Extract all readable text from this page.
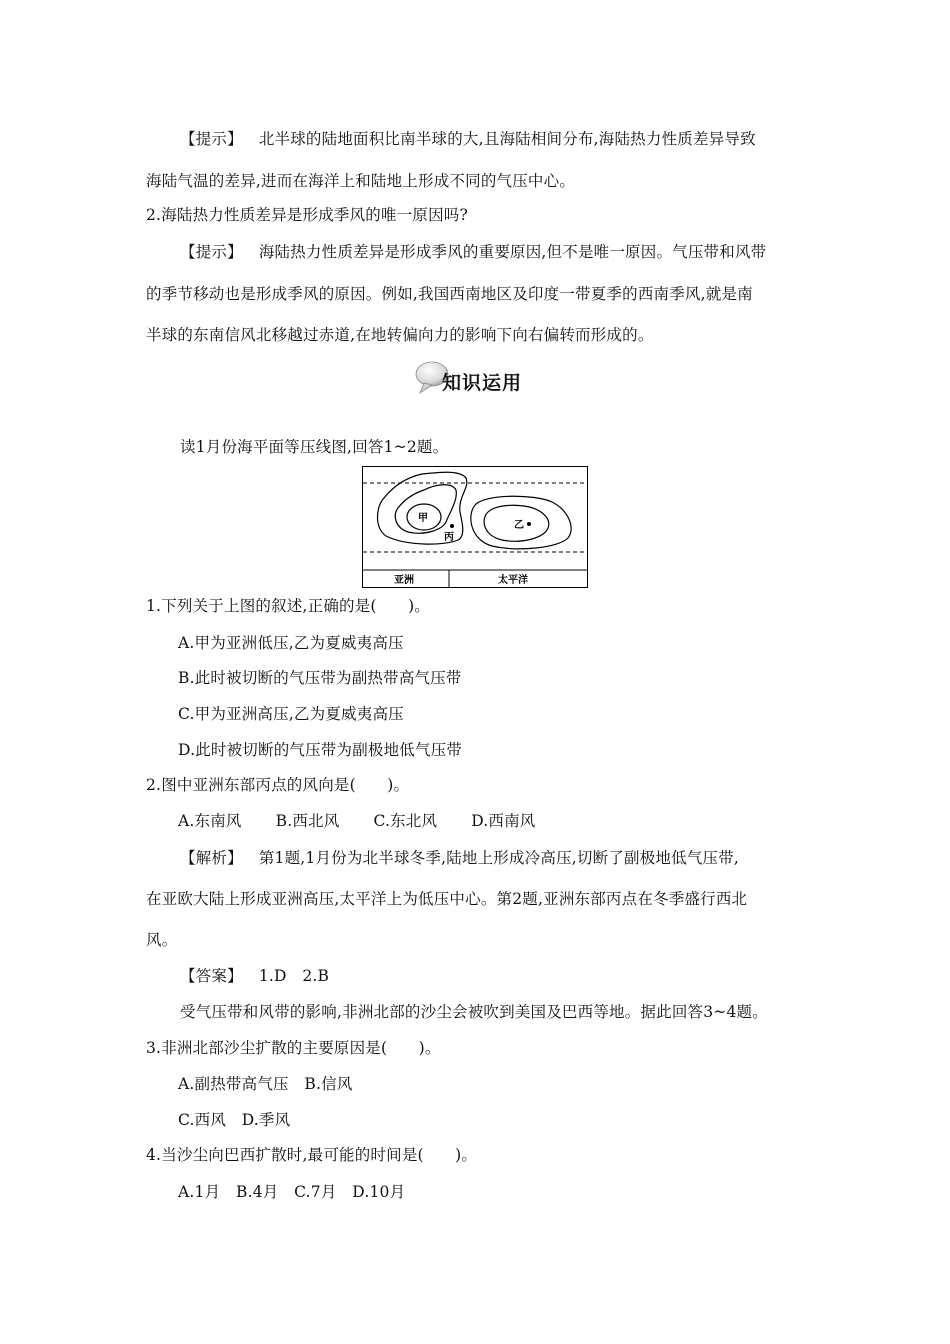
【提示】 北半球的陆地面积比南半球的大,且海陆相间分布,海陆热力性质差异导致
海陆气温的差异,进而在海洋上和陆地上形成不同的气压中心。
2.海陆热力性质差异是形成季风的唯一原因吗?
【提示】 海陆热力性质差异是形成季风的重要原因,但不是唯一原因。气压带和风带
的季节移动也是形成季风的原因。例如,我国西南地区及印度一带夏季的西南季风,就是南
半球的东南信风北移越过赤道,在地转偏向力的影响下向右偏转而形成的。
知识运用
读1月份海平面等压线图,回答1~2题。
甲
乙
丙
亚洲	太平洋
1.下列关于上图的叙述,正确的是(　　)。
A.甲为亚洲低压,乙为夏威夷高压
B.此时被切断的气压带为副热带高气压带
C.甲为亚洲高压,乙为夏威夷高压
D.此时被切断的气压带为副极地低气压带
2.图中亚洲东部丙点的风向是(　　)。
A.东南风 B.西北风 C.东北风 D.西南风
【解析】 第1题,1月份为北半球冬季,陆地上形成冷高压,切断了副极地低气压带,
在亚欧大陆上形成亚洲高压,太平洋上为低压中心。第2题,亚洲东部丙点在冬季盛行西北
风。
【答案】 1.D　2.B
受气压带和风带的影响,非洲北部的沙尘会被吹到美国及巴西等地。据此回答3~4题。
3.非洲北部沙尘扩散的主要原因是(　　)。
A.副热带高气压　B.信风
C.西风　D.季风
4.当沙尘向巴西扩散时,最可能的时间是(　　)。
A.1月　B.4月　C.7月　D.10月
